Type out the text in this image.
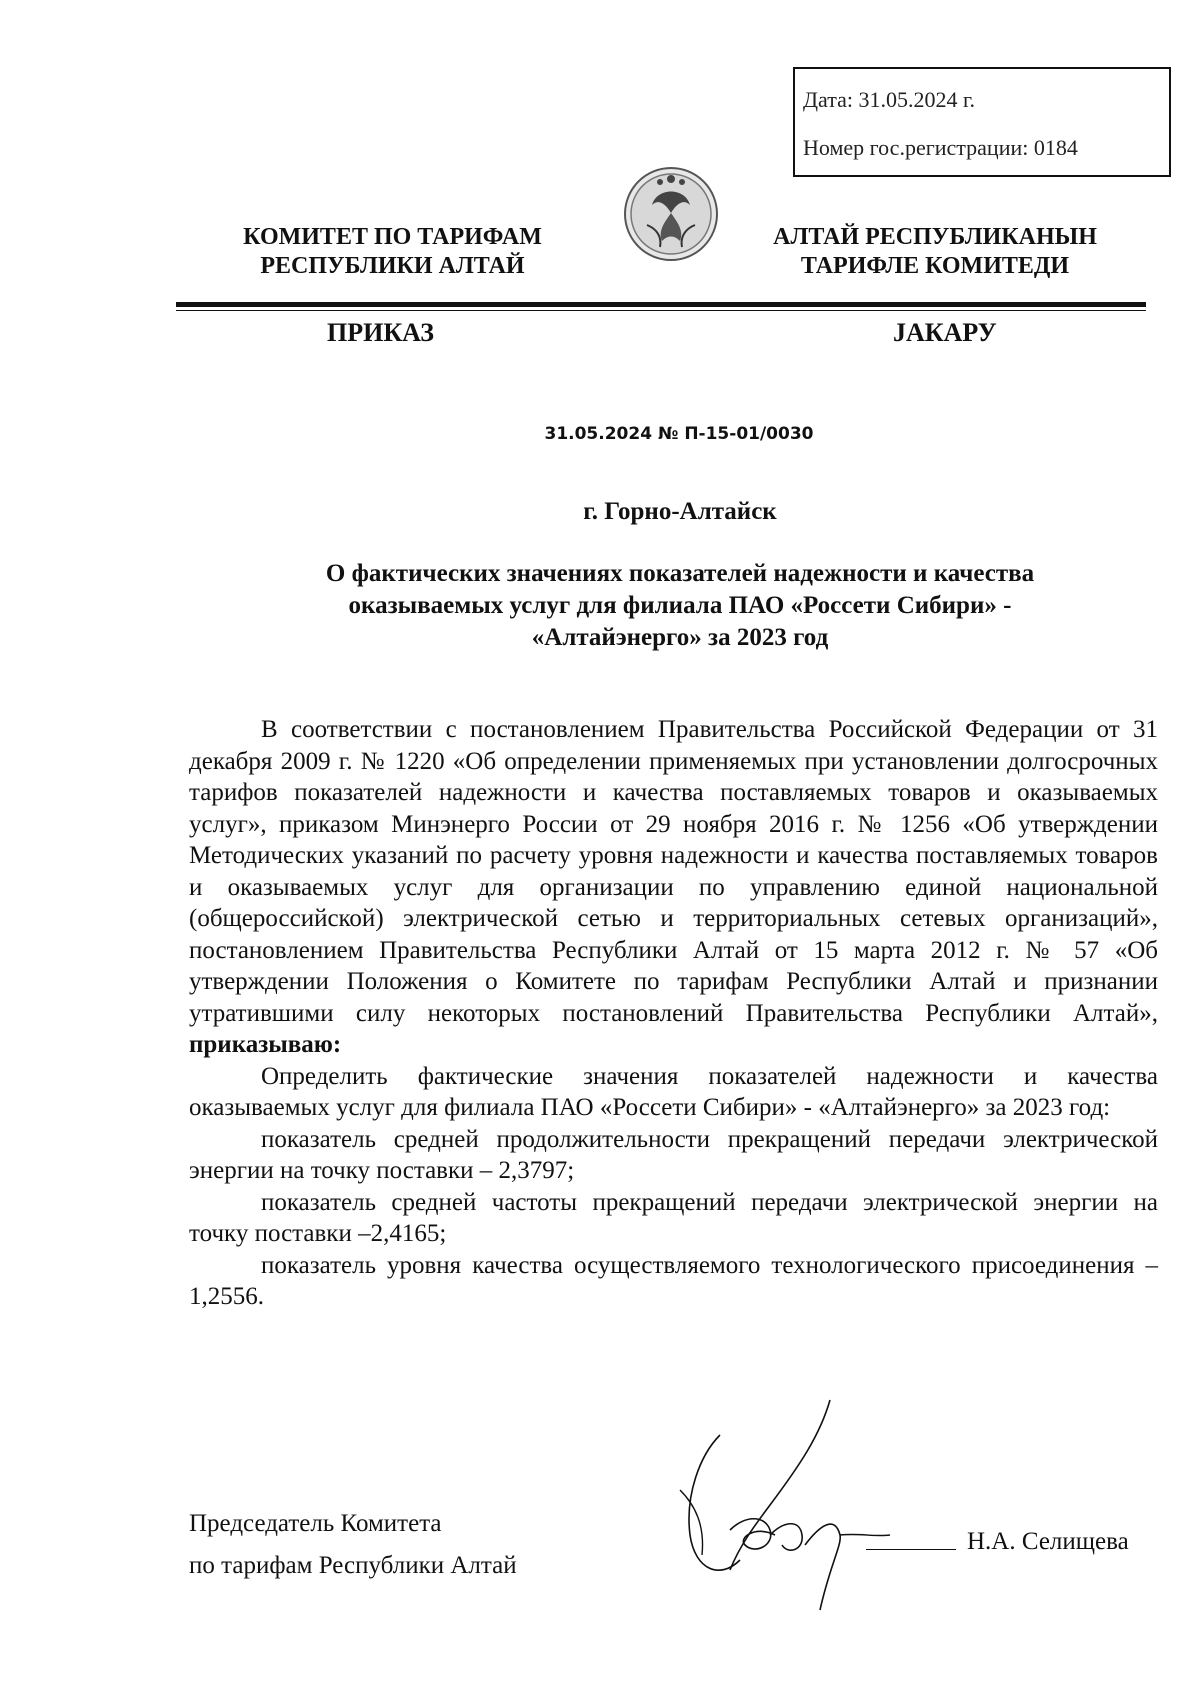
Дата: 31.05.2024 г.
Номер гос.регистрации: 0184
КОМИТЕТ ПО ТАРИФАМ
РЕСПУБЛИКИ АЛТАЙ
АЛТАЙ РЕСПУБЛИКАНЫН
ТАРИФЛЕ КОМИТЕДИ
ПРИКАЗ	JАКАРУ
31.05.2024 № П-15-01/0030
г. Горно-Алтайск
О фактических значениях показателей надежности и качества
оказываемых услуг для филиала ПАО «Россети Сибири» -
«Алтайэнерго» за 2023 год

В соответствии с постановлением Правительства Российской Федерации от 31 декабря 2009 г. № 1220 «Об определении применяемых при установлении долгосрочных тарифов показателей надежности и качества поставляемых товаров и оказываемых услуг», приказом Минэнерго России от 29 ноября 2016 г. № 1256 «Об утверждении Методических указаний по расчету уровня надежности и качества поставляемых товаров и оказываемых услуг для организации по управлению единой национальной (общероссийской) электрической сетью и территориальных сетевых организаций», постановлением Правительства Республики Алтай от 15 марта 2012 г. № 57 «Об утверждении Положения о Комитете по тарифам Республики Алтай и признании утратившими силу некоторых постановлений Правительства Республики Алтай», приказываю:

Определить фактические значения показателей надежности и качества оказываемых услуг для филиала ПАО «Россети Сибири» - «Алтайэнерго» за 2023 год:

показатель средней продолжительности прекращений передачи электрической энергии на точку поставки – 2,3797;

показатель средней частоты прекращений передачи электрической энергии на точку поставки –2,4165;

показатель уровня качества осуществляемого технологического присоединения – 1,2556.

Председатель Комитета
по тарифам Республики Алтай
Н.А. Селищева
